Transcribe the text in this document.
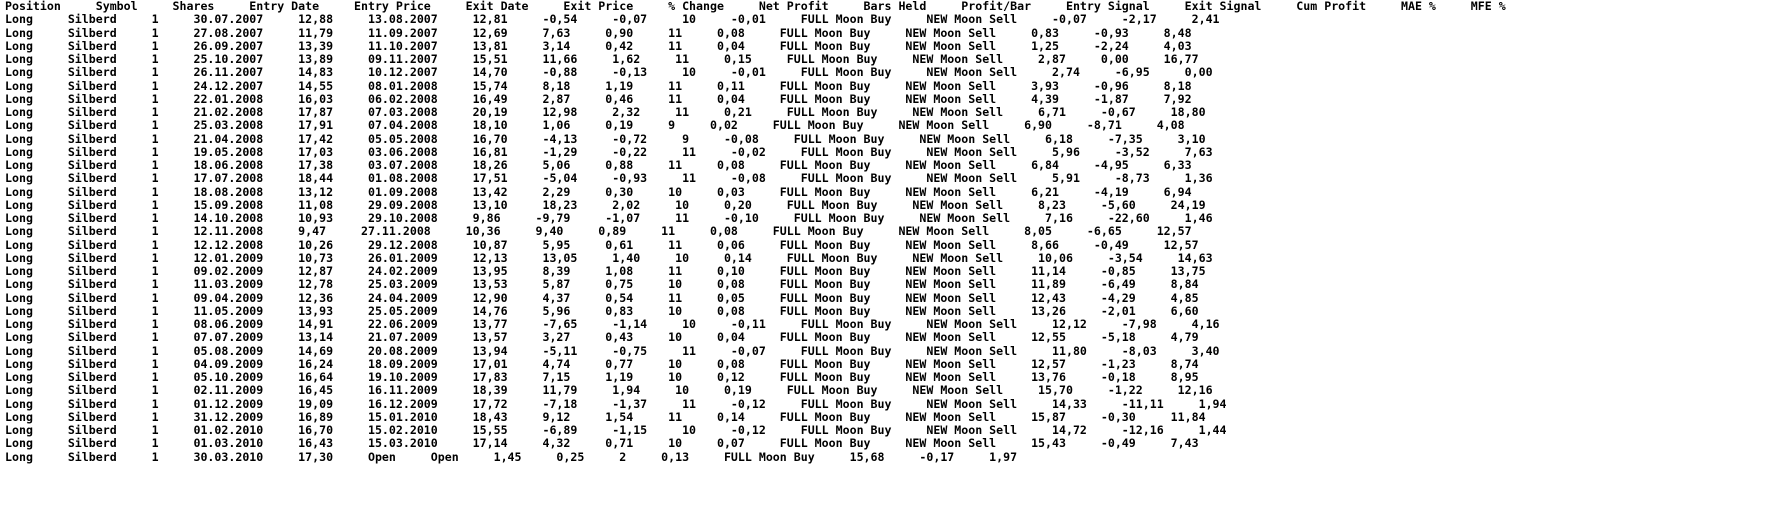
Position     Symbol     Shares     Entry Date     Entry Price     Exit Date     Exit Price     % Change     Net Profit     Bars Held     Profit/Bar     Entry Signal     Exit Signal     Cum Profit     MAE %     MFE %
Long     Silberd     1     30.07.2007     12,88     13.08.2007     12,81     -0,54     -0,07     10     -0,01     FULL Moon Buy     NEW Moon Sell     -0,07     -2,17     2,41
Long     Silberd     1     27.08.2007     11,79     11.09.2007     12,69     7,63     0,90     11     0,08     FULL Moon Buy     NEW Moon Sell     0,83     -0,93     8,48
Long     Silberd     1     26.09.2007     13,39     11.10.2007     13,81     3,14     0,42     11     0,04     FULL Moon Buy     NEW Moon Sell     1,25     -2,24     4,03
Long     Silberd     1     25.10.2007     13,89     09.11.2007     15,51     11,66     1,62     11     0,15     FULL Moon Buy     NEW Moon Sell     2,87     0,00     16,77
Long     Silberd     1     26.11.2007     14,83     10.12.2007     14,70     -0,88     -0,13     10     -0,01     FULL Moon Buy     NEW Moon Sell     2,74     -6,95     0,00
Long     Silberd     1     24.12.2007     14,55     08.01.2008     15,74     8,18     1,19     11     0,11     FULL Moon Buy     NEW Moon Sell     3,93     -0,96     8,18
Long     Silberd     1     22.01.2008     16,03     06.02.2008     16,49     2,87     0,46     11     0,04     FULL Moon Buy     NEW Moon Sell     4,39     -1,87     7,92
Long     Silberd     1     21.02.2008     17,87     07.03.2008     20,19     12,98     2,32     11     0,21     FULL Moon Buy     NEW Moon Sell     6,71     -0,67     18,80
Long     Silberd     1     25.03.2008     17,91     07.04.2008     18,10     1,06     0,19     9     0,02     FULL Moon Buy     NEW Moon Sell     6,90     -8,71     4,08
Long     Silberd     1     21.04.2008     17,42     05.05.2008     16,70     -4,13     -0,72     9     -0,08     FULL Moon Buy     NEW Moon Sell     6,18     -7,35     3,10
Long     Silberd     1     19.05.2008     17,03     03.06.2008     16,81     -1,29     -0,22     11     -0,02     FULL Moon Buy     NEW Moon Sell     5,96     -3,52     7,63
Long     Silberd     1     18.06.2008     17,38     03.07.2008     18,26     5,06     0,88     11     0,08     FULL Moon Buy     NEW Moon Sell     6,84     -4,95     6,33
Long     Silberd     1     17.07.2008     18,44     01.08.2008     17,51     -5,04     -0,93     11     -0,08     FULL Moon Buy     NEW Moon Sell     5,91     -8,73     1,36
Long     Silberd     1     18.08.2008     13,12     01.09.2008     13,42     2,29     0,30     10     0,03     FULL Moon Buy     NEW Moon Sell     6,21     -4,19     6,94
Long     Silberd     1     15.09.2008     11,08     29.09.2008     13,10     18,23     2,02     10     0,20     FULL Moon Buy     NEW Moon Sell     8,23     -5,60     24,19
Long     Silberd     1     14.10.2008     10,93     29.10.2008     9,86     -9,79     -1,07     11     -0,10     FULL Moon Buy     NEW Moon Sell     7,16     -22,60     1,46
Long     Silberd     1     12.11.2008     9,47     27.11.2008     10,36     9,40     0,89     11     0,08     FULL Moon Buy     NEW Moon Sell     8,05     -6,65     12,57
Long     Silberd     1     12.12.2008     10,26     29.12.2008     10,87     5,95     0,61     11     0,06     FULL Moon Buy     NEW Moon Sell     8,66     -0,49     12,57
Long     Silberd     1     12.01.2009     10,73     26.01.2009     12,13     13,05     1,40     10     0,14     FULL Moon Buy     NEW Moon Sell     10,06     -3,54     14,63
Long     Silberd     1     09.02.2009     12,87     24.02.2009     13,95     8,39     1,08     11     0,10     FULL Moon Buy     NEW Moon Sell     11,14     -0,85     13,75
Long     Silberd     1     11.03.2009     12,78     25.03.2009     13,53     5,87     0,75     10     0,08     FULL Moon Buy     NEW Moon Sell     11,89     -6,49     8,84
Long     Silberd     1     09.04.2009     12,36     24.04.2009     12,90     4,37     0,54     11     0,05     FULL Moon Buy     NEW Moon Sell     12,43     -4,29     4,85
Long     Silberd     1     11.05.2009     13,93     25.05.2009     14,76     5,96     0,83     10     0,08     FULL Moon Buy     NEW Moon Sell     13,26     -2,01     6,60
Long     Silberd     1     08.06.2009     14,91     22.06.2009     13,77     -7,65     -1,14     10     -0,11     FULL Moon Buy     NEW Moon Sell     12,12     -7,98     4,16
Long     Silberd     1     07.07.2009     13,14     21.07.2009     13,57     3,27     0,43     10     0,04     FULL Moon Buy     NEW Moon Sell     12,55     -5,18     4,79
Long     Silberd     1     05.08.2009     14,69     20.08.2009     13,94     -5,11     -0,75     11     -0,07     FULL Moon Buy     NEW Moon Sell     11,80     -8,03     3,40
Long     Silberd     1     04.09.2009     16,24     18.09.2009     17,01     4,74     0,77     10     0,08     FULL Moon Buy     NEW Moon Sell     12,57     -1,23     8,74
Long     Silberd     1     05.10.2009     16,64     19.10.2009     17,83     7,15     1,19     10     0,12     FULL Moon Buy     NEW Moon Sell     13,76     -0,18     8,95
Long     Silberd     1     02.11.2009     16,45     16.11.2009     18,39     11,79     1,94     10     0,19     FULL Moon Buy     NEW Moon Sell     15,70     -1,22     12,16
Long     Silberd     1     01.12.2009     19,09     16.12.2009     17,72     -7,18     -1,37     11     -0,12     FULL Moon Buy     NEW Moon Sell     14,33     -11,11     1,94
Long     Silberd     1     31.12.2009     16,89     15.01.2010     18,43     9,12     1,54     11     0,14     FULL Moon Buy     NEW Moon Sell     15,87     -0,30     11,84
Long     Silberd     1     01.02.2010     16,70     15.02.2010     15,55     -6,89     -1,15     10     -0,12     FULL Moon Buy     NEW Moon Sell     14,72     -12,16     1,44
Long     Silberd     1     01.03.2010     16,43     15.03.2010     17,14     4,32     0,71     10     0,07     FULL Moon Buy     NEW Moon Sell     15,43     -0,49     7,43
Long     Silberd     1     30.03.2010     17,30     Open     Open     1,45     0,25     2     0,13     FULL Moon Buy     15,68     -0,17     1,97
